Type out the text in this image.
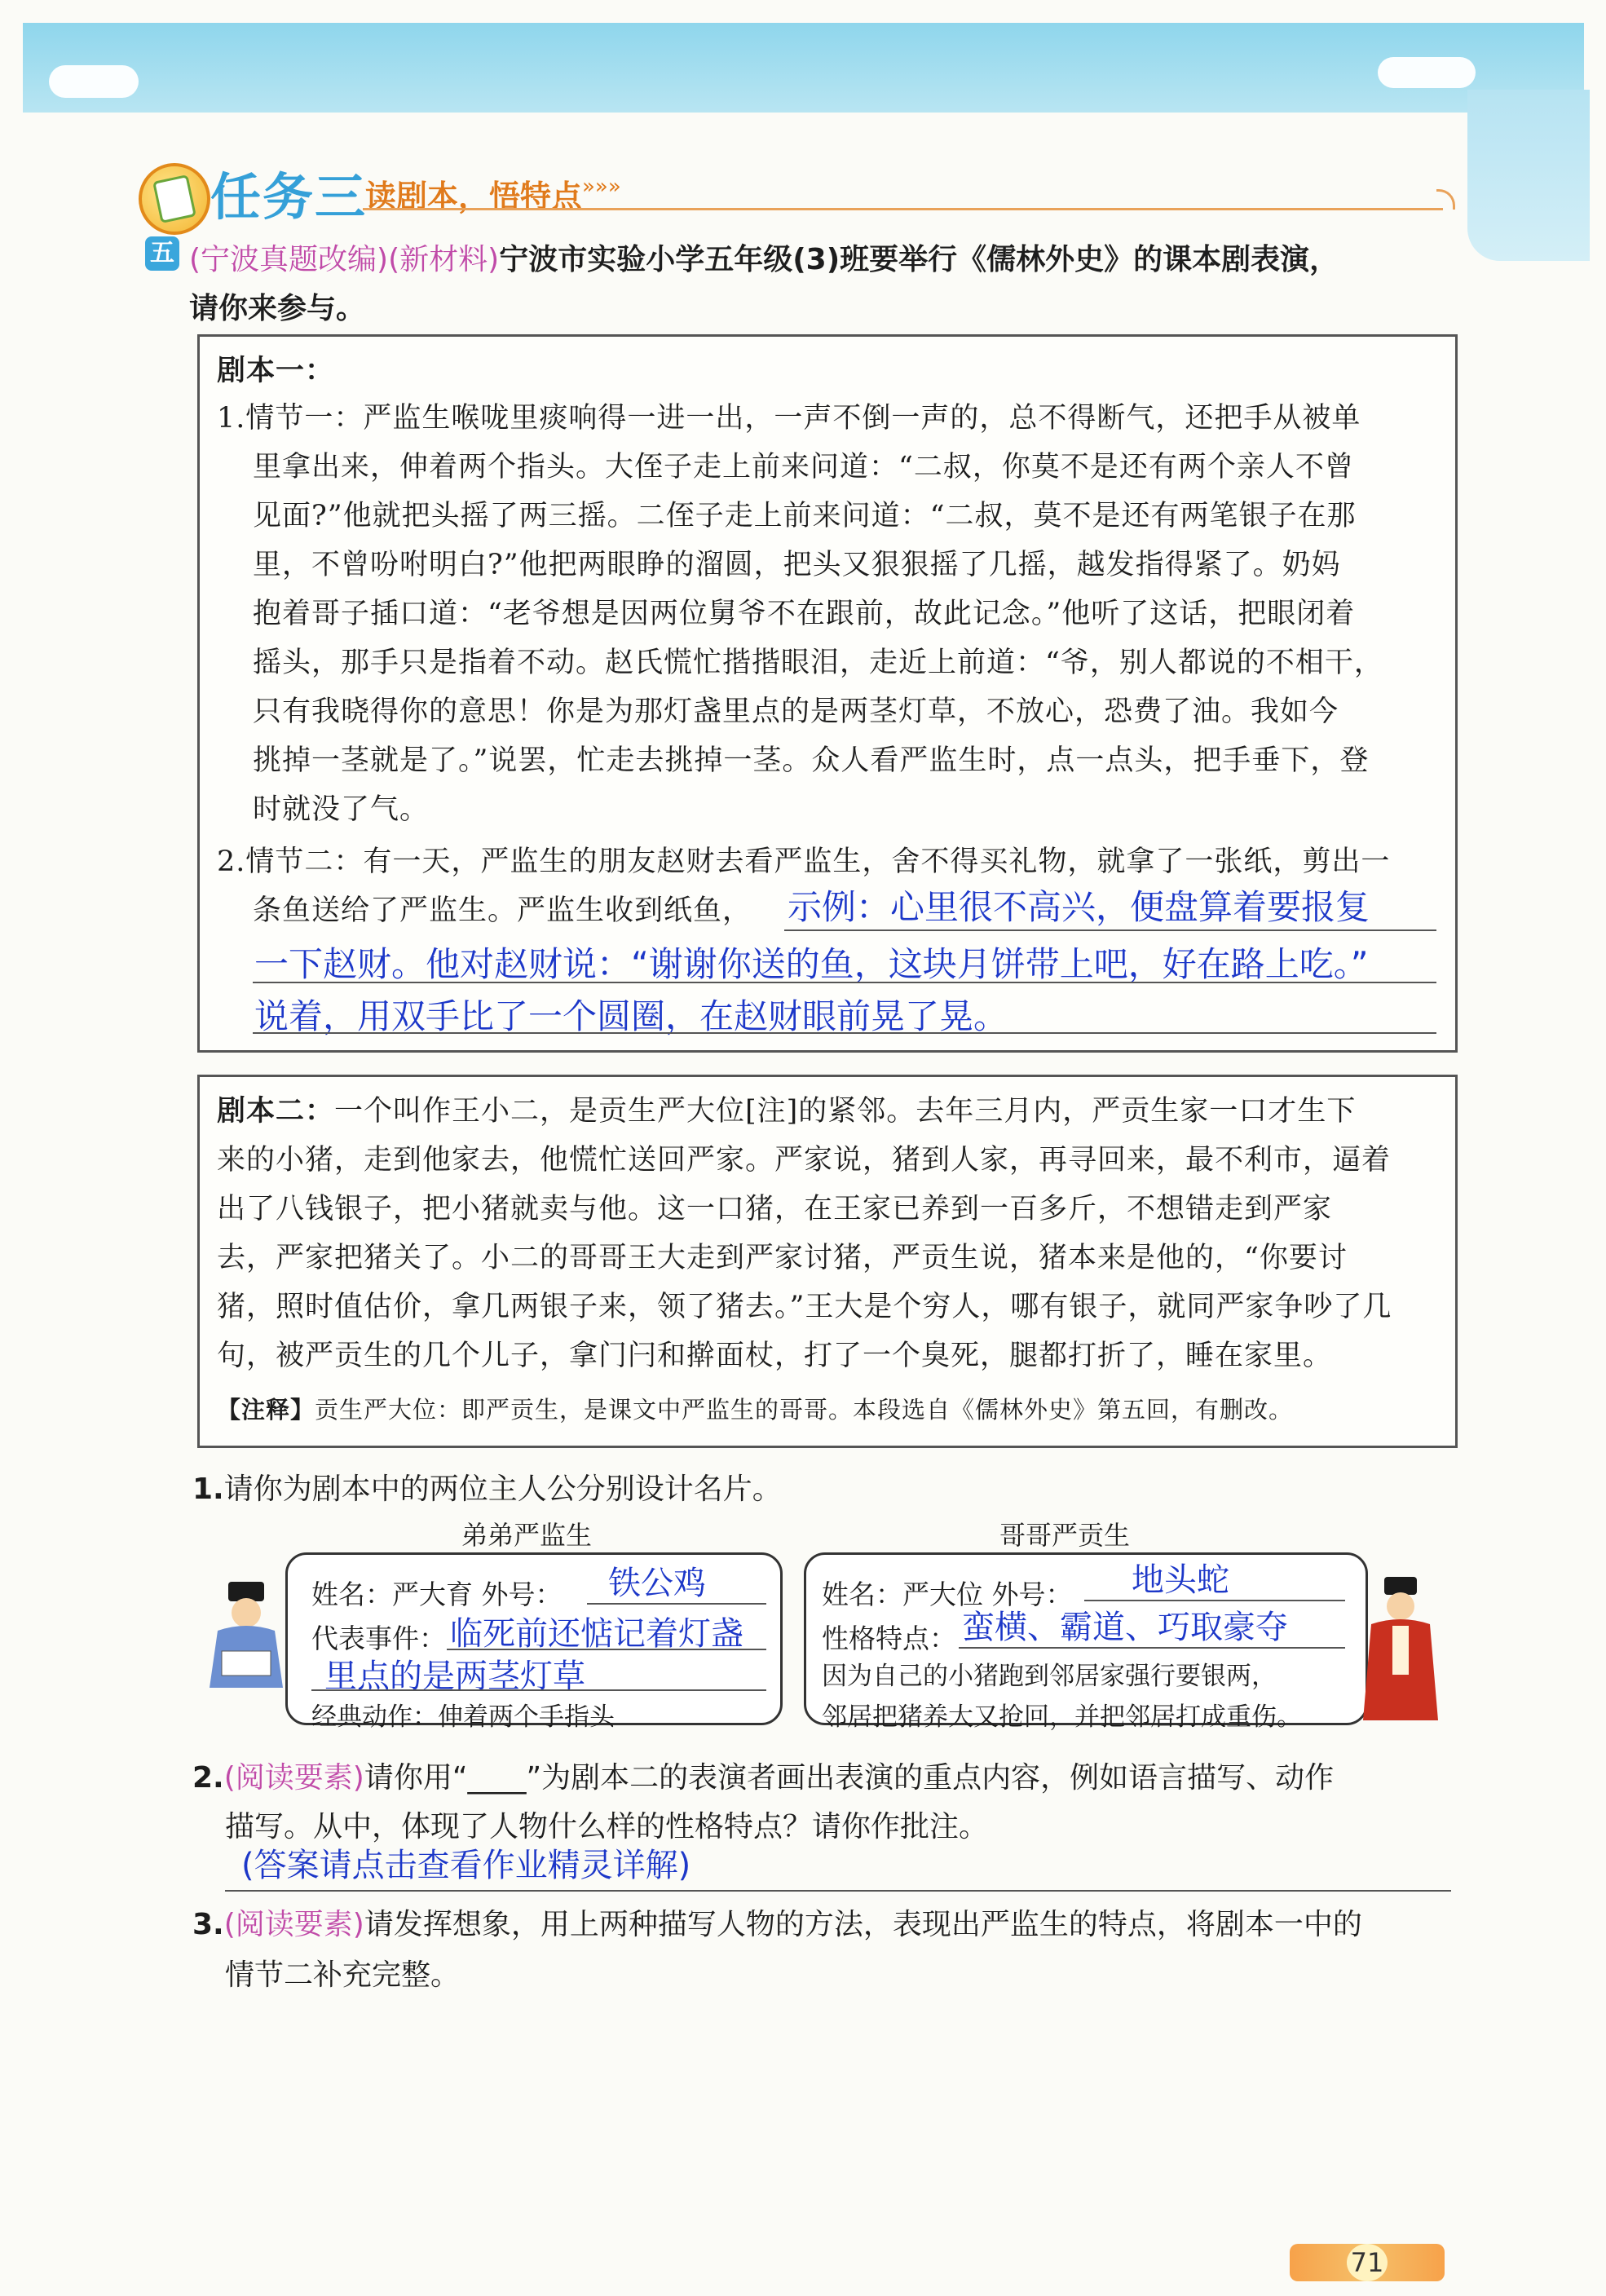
任务三
读剧本，悟特点 »»»
五 (宁波真题改编)(新材料)宁波市实验小学五年级(3)班要举行《儒林外史》的课本剧表演，
请你来参与。
剧本一：
1.情节一：严监生喉咙里痰响得一进一出，一声不倒一声的，总不得断气，还把手从被单
里拿出来，伸着两个指头。大侄子走上前来问道：“二叔，你莫不是还有两个亲人不曾
见面?”他就把头摇了两三摇。二侄子走上前来问道：“二叔，莫不是还有两笔银子在那
里，不曾吩咐明白?”他把两眼睁的溜圆，把头又狠狠摇了几摇，越发指得紧了。奶妈
抱着哥子插口道：“老爷想是因两位舅爷不在跟前，故此记念。”他听了这话，把眼闭着
摇头，那手只是指着不动。赵氏慌忙揩揩眼泪，走近上前道：“爷，别人都说的不相干，
只有我晓得你的意思！你是为那灯盏里点的是两茎灯草，不放心，恐费了油。我如今
挑掉一茎就是了。”说罢，忙走去挑掉一茎。众人看严监生时，点一点头，把手垂下，登
时就没了气。
2.情节二：有一天，严监生的朋友赵财去看严监生，舍不得买礼物，就拿了一张纸，剪出一
条鱼送给了严监生。严监生收到纸鱼， 示例：心里很不高兴，便盘算着要报复
一下赵财。他对赵财说：“谢谢你送的鱼，这块月饼带上吧，好在路上吃。”
说着，用双手比了一个圆圈，在赵财眼前晃了晃。
剧本二： 一个叫作王小二，是贡生严大位[注]的紧邻。去年三月内，严贡生家一口才生下
来的小猪，走到他家去，他慌忙送回严家。严家说，猪到人家，再寻回来，最不利市，逼着
出了八钱银子，把小猪就卖与他。这一口猪，在王家已养到一百多斤，不想错走到严家
去，严家把猪关了。小二的哥哥王大走到严家讨猪，严贡生说，猪本来是他的，“你要讨
猪，照时值估价，拿几两银子来，领了猪去。”王大是个穷人，哪有银子，就同严家争吵了几
句，被严贡生的几个儿子，拿门闩和擀面杖，打了一个臭死，腿都打折了，睡在家里。
【注释】贡生严大位：即严贡生，是课文中严监生的哥哥。本段选自《儒林外史》第五回，有删改。
1.请你为剧本中的两位主人公分别设计名片。
弟弟严监生	哥哥严贡生
姓名：严大育 外号： 铁公鸡
代表事件： 临死前还惦记着灯盏
里点的是两茎灯草
经典动作：伸着两个手指头
姓名：严大位 外号： 地头蛇
性格特点： 蛮横、霸道、巧取豪夺
因为自己的小猪跑到邻居家强行要银两，
邻居把猪养大又抢回，并把邻居打成重伤。
2.(阅读要素)请你用“____”为剧本二的表演者画出表演的重点内容，例如语言描写、动作
描写。从中，体现了人物什么样的性格特点？请你作批注。
(答案请点击查看作业精灵详解)
3.(阅读要素)请发挥想象，用上两种描写人物的方法，表现出严监生的特点，将剧本一中的
情节二补充完整。
71
